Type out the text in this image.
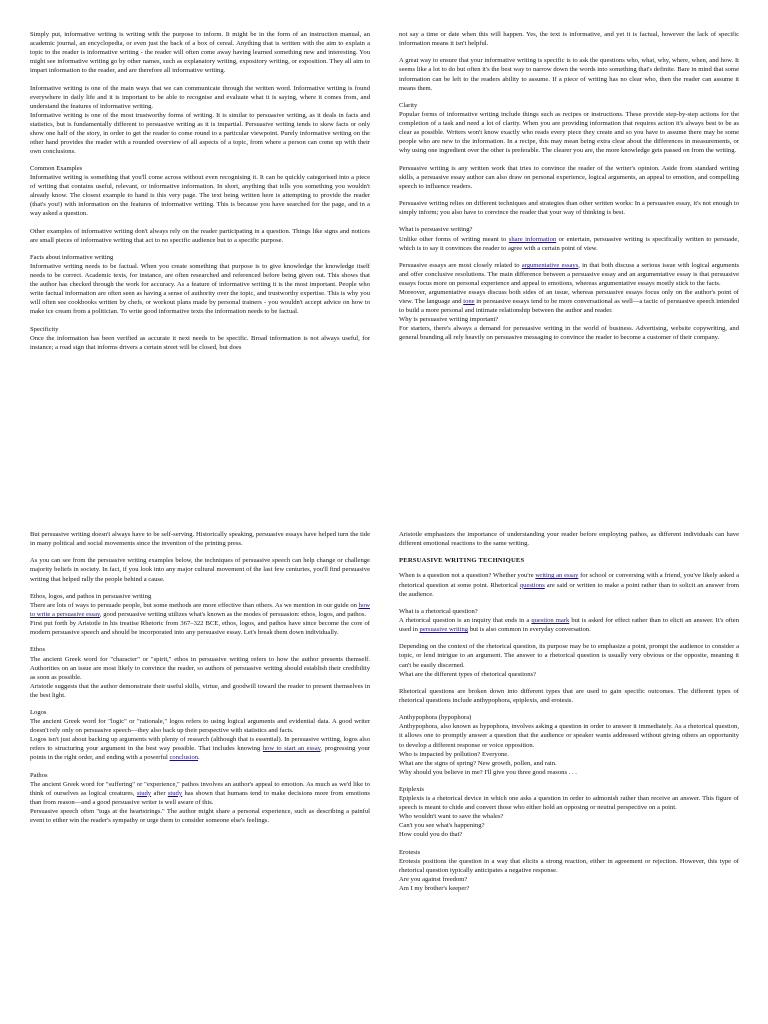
Simply put, informative writing is writing with the purpose to inform. It might be in the form of an instruction manual, an academic journal, an encyclopedia, or even just the back of a box of cereal. Anything that is written with the aim to explain a topic to the reader is informative writing - the reader will often come away having learned something new and interesting. You might see informative writing go by other names, such as explanatory writing, expository writing, or exposition. They all aim to impart information to the reader, and are therefore all informative writing.

Informative writing is one of the main ways that we can communicate through the written word. Informative writing is found everywhere in daily life and it is important to be able to recognise and evaluate what it is saying, where it comes from, and understand the features of informative writing.

Informative writing is one of the most trustworthy forms of writing. It is similar to persuasive writing, as it deals in facts and statistics, but is fundamentally different to persuasive writing as it is impartial. Persuasive writing tends to skew facts or only show one half of the story, in order to get the reader to come round to a particular viewpoint. Purely informative writing on the other hand provides the reader with a rounded overview of all aspects of a topic, from where a person can come up with their own conclusions.

Common Examples

Informative writing is something that you'll come across without even recognising it. It can be quickly categorised into a piece of writing that contains useful, relevant, or informative information. In short, anything that tells you something you wouldn't already know. The closest example to hand is this very page. The text being written here is attempting to provide the reader (that's you!) with information on the features of informative writing. This is because you have searched for the page, and in a way asked a question.

Other examples of informative writing don't always rely on the reader participating in a question. Things like signs and notices are small pieces of informative writing that act to no specific audience but to a specific purpose.

Facts about informative writing

Informative writing needs to be factual. When you create something that purpose is to give knowledge the knowledge itself needs to be correct. Academic texts, for instance, are often researched and referenced before being given out. This shows that the author has checked through the work for accuracy. As a feature of informative writing it is the most important. People who write factual information are often seen as having a sense of authority over the topic, and trustworthy expertise. This is why you will often see cookbooks written by chefs, or workout plans made by personal trainers - you wouldn't accept advice on how to make ice cream from a politician. To write good informative texts the information needs to be factual.

Specificity

Once the information has been verified as accurate it next needs to be specific. Broad information is not always useful, for instance; a road sign that informs drivers a certain street will be closed, but does

not say a time or date when this will happen. Yes, the text is informative, and yet it is factual, however the lack of specific information means it isn't helpful.

A great way to ensure that your informative writing is specific is to ask the questions who, what, why, where, when, and how. It seems like a lot to do but often it's the best way to narrow down the words into something that's definite. Bare in mind that some information can be left to the readers ability to assume. If a piece of writing has no clear who, then the reader can assume it means them.

Clarity

Popular forms of informative writing include things such as recipes or instructions. These provide step-by-step actions for the completion of a task and need a lot of clarity. When you are providing information that requires action it's always best to be as clear as possible. Writers won't know exactly who reads every piece they create and so you have to assume there may be some people who are new to the information. In a recipe, this may mean being extra clear about the differences in measurements, or why using one ingredient over the other is preferable. The clearer you are, the more knowledge gets passed on from the writing.

Persuasive writing is any written work that tries to convince the reader of the writer's opinion. Aside from standard writing skills, a persuasive essay author can also draw on personal experience, logical arguments, an appeal to emotion, and compelling speech to influence readers.

Persuasive writing relies on different techniques and strategies than other written works: In a persuasive essay, it's not enough to simply inform; you also have to convince the reader that your way of thinking is best.

What is persuasive writing?

Unlike other forms of writing meant to share information or entertain, persuasive writing is specifically written to persuade, which is to say it convinces the reader to agree with a certain point of view.

Persuasive essays are most closely related to argumentative essays, in that both discuss a serious issue with logical arguments and offer conclusive resolutions. The main difference between a persuasive essay and an argumentative essay is that persuasive essays focus more on personal experience and appeal to emotions, whereas argumentative essays mostly stick to the facts.

Moreover, argumentative essays discuss both sides of an issue, whereas persuasive essays focus only on the author's point of view. The language and tone in persuasive essays tend to be more conversational as well—a tactic of persuasive speech intended to build a more personal and intimate relationship between the author and reader.

Why is persuasive writing important?

For starters, there's always a demand for persuasive writing in the world of business. Advertising, website copywriting, and general branding all rely heavily on persuasive messaging to convince the reader to become a customer of their company.

But persuasive writing doesn't always have to be self-serving. Historically speaking, persuasive essays have helped turn the tide in many political and social movements since the invention of the printing press.

As you can see from the persuasive writing examples below, the techniques of persuasive speech can help change or challenge majority beliefs in society. In fact, if you look into any major cultural movement of the last few centuries, you'll find persuasive writing that helped rally the people behind a cause.

Ethos, logos, and pathos in persuasive writing

There are lots of ways to persuade people, but some methods are more effective than others. As we mention in our guide on how to write a persuasive essay, good persuasive writing utilizes what's known as the modes of persuasion: ethos, logos, and pathos.

First put forth by Aristotle in his treatise Rhetoric from 367–322 BCE, ethos, logos, and pathos have since become the core of modern persuasive speech and should be incorporated into any persuasive essay. Let's break them down individually.

Ethos

The ancient Greek word for "character" or "spirit," ethos in persuasive writing refers to how the author presents themself. Authorities on an issue are most likely to convince the reader, so authors of persuasive writing should establish their credibility as soon as possible.

Aristotle suggests that the author demonstrate their useful skills, virtue, and goodwill toward the reader to present themselves in the best light.

Logos

The ancient Greek word for "logic" or "rationale," logos refers to using logical arguments and evidential data. A good writer doesn't rely only on persuasive speech—they also back up their perspective with statistics and facts.

Logos isn't just about backing up arguments with plenty of research (although that is essential). In persuasive writing, logos also refers to structuring your argument in the best way possible. That includes knowing how to start an essay, progressing your points in the right order, and ending with a powerful conclusion.

Pathos

The ancient Greek word for "suffering" or "experience," pathos involves an author's appeal to emotion. As much as we'd like to think of ourselves as logical creatures, study after study has shown that humans tend to make decisions more from emotions than from reason—and a good persuasive writer is well aware of this.

Persuasive speech often "tugs at the heartstrings." The author might share a personal experience, such as describing a painful event to either win the reader's sympathy or urge them to consider someone else's feelings.

Aristotle emphasizes the importance of understanding your reader before employing pathos, as different individuals can have different emotional reactions to the same writing.

PERSUASIVE WRITING TECHNIQUES

When is a question not a question? Whether you're writing an essay for school or conversing with a friend, you've likely asked a rhetorical question at some point. Rhetorical questions are said or written to make a point rather than to solicit an answer from the audience.

What is a rhetorical question?

A rhetorical question is an inquiry that ends in a question mark but is asked for effect rather than to elicit an answer. It's often used in persuasive writing but is also common in everyday conversation.

Depending on the context of the rhetorical question, its purpose may be to emphasize a point, prompt the audience to consider a topic, or lend intrigue to an argument. The answer to a rhetorical question is usually very obvious or the opposite, meaning it can't be easily discerned.

What are the different types of rhetorical questions?

Rhetorical questions are broken down into different types that are used to gain specific outcomes. The different types of rhetorical questions include anthypophora, epiplexis, and erotesis.

Anthypophora (hypophora)

Anthypophora, also known as hypophora, involves asking a question in order to answer it immediately. As a rhetorical question, it allows one to promptly answer a question that the audience or speaker wants addressed without giving others an opportunity to develop a different response or voice opposition.

Who is impacted by pollution? Everyone.

What are the signs of spring? New growth, pollen, and rain.

Why should you believe in me? I'll give you three good reasons . . .

Epiplexis

Epiplexis is a rhetorical device in which one asks a question in order to admonish rather than receive an answer. This figure of speech is meant to chide and convert those who either hold an opposing or neutral perspective on a point.

Who wouldn't want to save the whales?

Can't you see what's happening?

How could you do that?

Erotesis

Erotesis positions the question in a way that elicits a strong reaction, either in agreement or rejection. However, this type of rhetorical question typically anticipates a negative response.

Are you against freedom?

Am I my brother's keeper?
